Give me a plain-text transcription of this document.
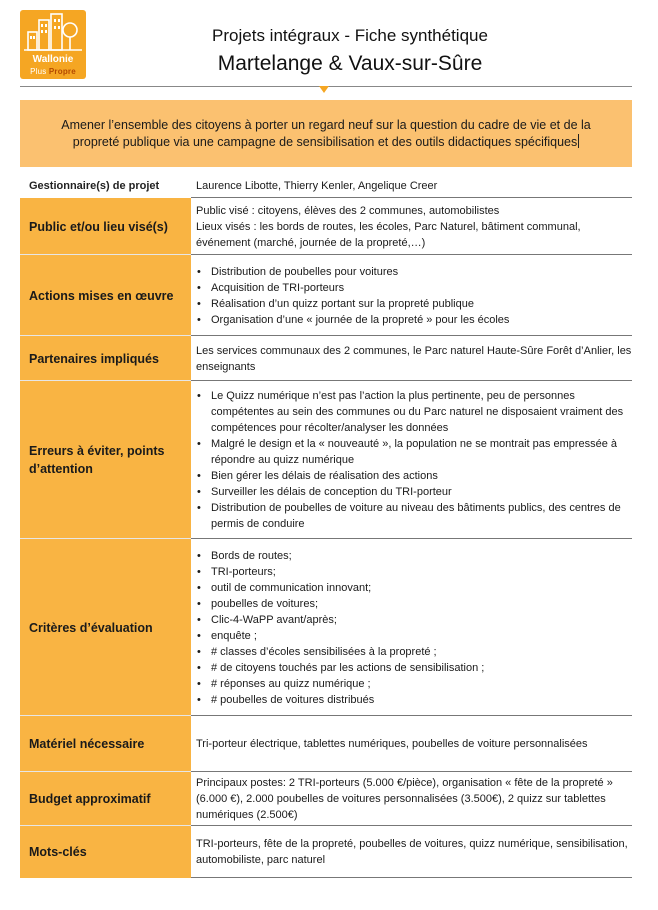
Wallonie
Plus Propre
Projets intégraux - Fiche synthétique
Martelange & Vaux-sur-Sûre
Amener l’ensemble des citoyens à porter un regard neuf sur la question du cadre de vie et de la propreté publique via une campagne de sensibilisation et des outils didactiques spécifiques
Gestionnaire(s) de projet	Laurence Libotte, Thierry Kenler, Angelique Creer
Public et/ou lieu visé(s)
Public visé : citoyens, élèves des 2 communes, automobilistes
Lieux visés : les bords de routes, les écoles, Parc Naturel, bâtiment communal, événement (marché, journée de la propreté,…)
Actions mises en œuvre
• Distribution de poubelles pour voitures
• Acquisition de TRI-porteurs
• Réalisation d’un quizz portant sur la propreté publique
• Organisation d’une « journée de la propreté » pour les écoles
Partenaires impliqués
Les services communaux des 2 communes, le Parc naturel Haute-Sûre Forêt d’Anlier, les enseignants
Erreurs à éviter, points d’attention
• Le Quizz numérique n’est pas l’action la plus pertinente, peu de personnes compétentes au sein des communes ou du Parc naturel ne disposaient vraiment des compétences pour récolter/analyser les données
• Malgré le design et la « nouveauté », la population ne se montrait pas empressée à répondre au quizz numérique
• Bien gérer les délais de réalisation des actions
• Surveiller les délais de conception du TRI-porteur
• Distribution de poubelles de voiture au niveau des bâtiments publics, des centres de permis de conduire
Critères d’évaluation
• Bords de routes;
• TRI-porteurs;
• outil de communication innovant;
• poubelles de voitures;
• Clic-4-WaPP avant/après;
• enquête ;
• # classes d’écoles sensibilisées à la propreté ;
• # de citoyens touchés par les actions de sensibilisation ;
• # réponses au quizz numérique ;
• # poubelles de voitures distribués
Matériel nécessaire	Tri-porteur électrique, tablettes numériques, poubelles de voiture personnalisées
Budget approximatif
Principaux postes: 2 TRI-porteurs (5.000 €/pièce), organisation « fête de la propreté » (6.000 €), 2.000 poubelles de voitures personnalisées (3.500€), 2 quizz sur tablettes numériques (2.500€)
Mots-clés
TRI-porteurs, fête de la propreté, poubelles de voitures, quizz numérique, sensibilisation, automobiliste, parc naturel
